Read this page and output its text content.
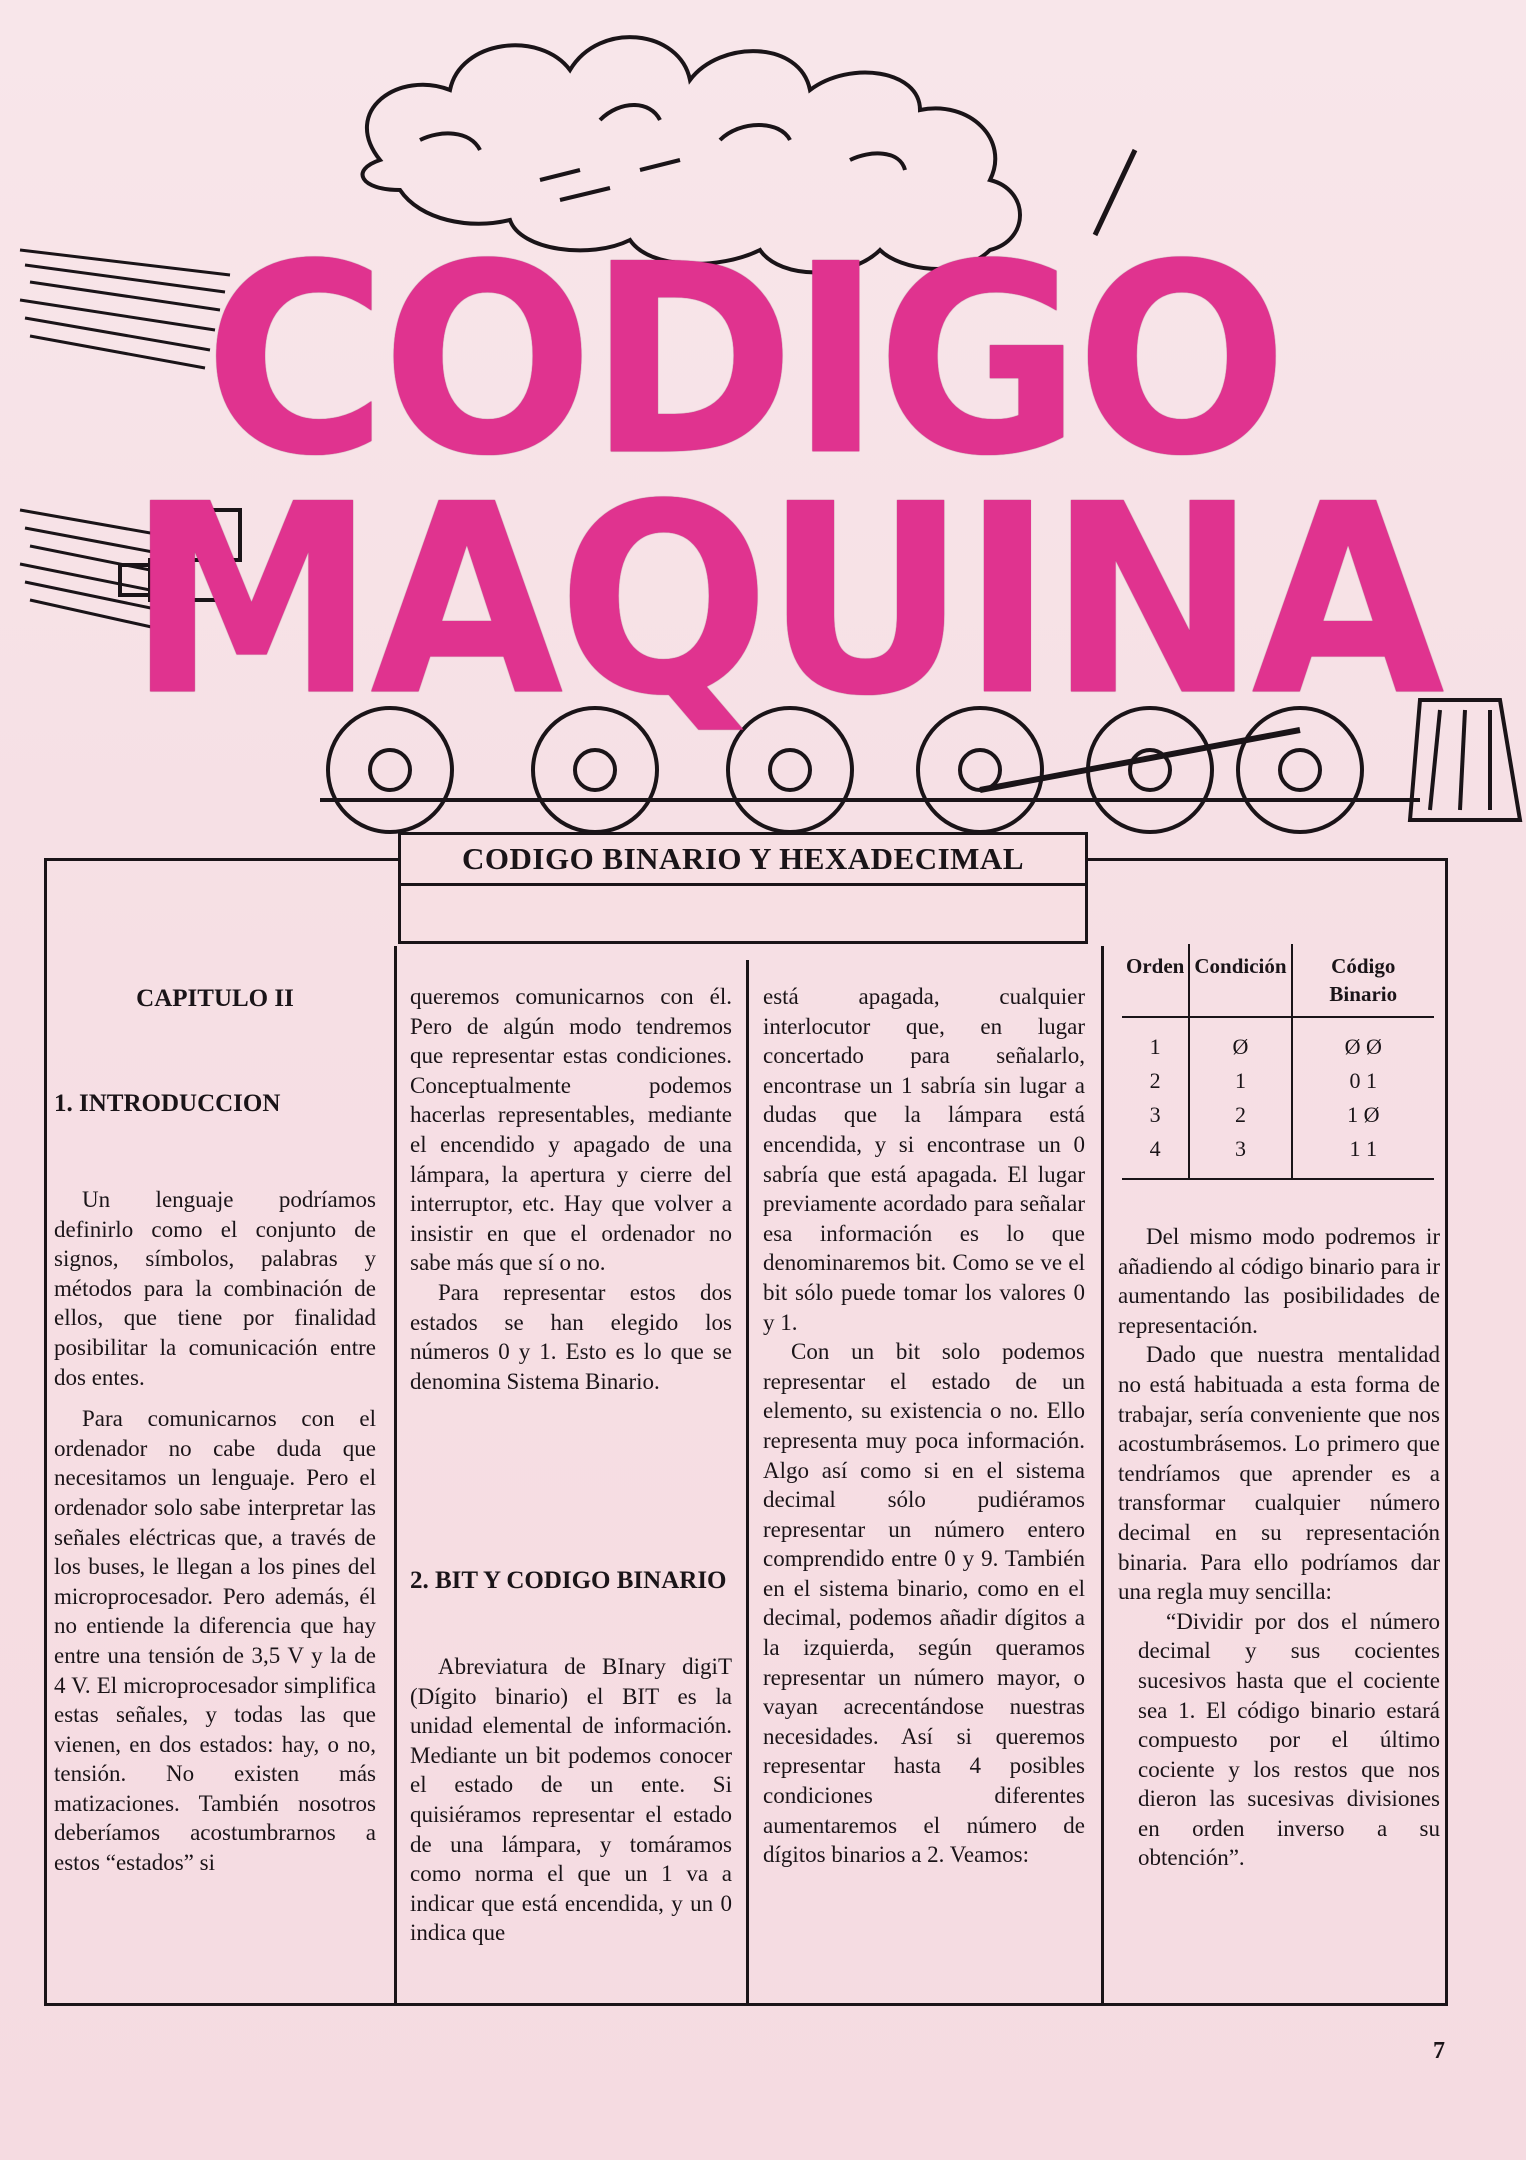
CODIGO
MAQUINA
CODIGO BINARIO Y HEXADECIMAL
CAPITULO II
1. INTRODUCCION

Un lenguaje podríamos definirlo como el conjunto de signos, símbolos, palabras y métodos para la combinación de ellos, que tiene por finalidad posibilitar la comunicación entre dos entes.

Para comunicarnos con el ordenador no cabe duda que necesitamos un lenguaje. Pero el ordenador solo sabe interpretar las señales eléctricas que, a través de los buses, le llegan a los pines del microprocesador. Pero además, él no entiende la diferencia que hay entre una tensión de 3,5 V y la de 4 V. El microprocesador simplifica estas señales, y todas las que vienen, en dos estados: hay, o no, tensión. No existen más matizaciones. También nosotros deberíamos acostumbrarnos a estos “estados” si

queremos comunicarnos con él. Pero de algún modo tendremos que representar estas condiciones. Conceptualmente podemos hacerlas representables, mediante el encendido y apagado de una lámpara, la apertura y cierre del interruptor, etc. Hay que volver a insistir en que el ordenador no sabe más que sí o no.

Para representar estos dos estados se han elegido los números 0 y 1. Esto es lo que se denomina Sistema Binario.

2. BIT Y CODIGO BINARIO

Abreviatura de BInary digiT (Dígito binario) el BIT es la unidad elemental de información. Mediante un bit podemos conocer el estado de un ente. Si quisiéramos representar el estado de una lámpara, y tomáramos como norma el que un 1 va a indicar que está encendida, y un 0 indica que

está apagada, cualquier interlocutor que, en lugar concertado para señalarlo, encontrase un 1 sabría sin lugar a dudas que la lámpara está encendida, y si encontrase un 0 sabría que está apagada. El lugar previamente acordado para señalar esa información es lo que denominaremos bit. Como se ve el bit sólo puede tomar los valores 0 y 1.

Con un bit solo podemos representar el estado de un elemento, su existencia o no. Ello representa muy poca información. Algo así como si en el sistema decimal sólo pudiéramos representar un número entero comprendido entre 0 y 9. También en el sistema binario, como en el decimal, podemos añadir dígitos a la izquierda, según queramos representar un número mayor, o vayan acrecentándose nuestras necesidades. Así si queremos representar hasta 4 posibles condiciones diferentes aumentaremos el número de dígitos binarios a 2. Veamos:

Orden	Condición	Código Binario
1	Ø	Ø Ø
2	1	0 1
3	2	1 Ø
4	3	1 1

Del mismo modo podremos ir añadiendo al código binario para ir aumentando las posibilidades de representación.

Dado que nuestra mentalidad no está habituada a esta forma de trabajar, sería conveniente que nos acostumbrásemos. Lo primero que tendríamos que aprender es a transformar cualquier número decimal en su representación binaria. Para ello podríamos dar una regla muy sencilla:

“Dividir por dos el número decimal y sus cocientes sucesivos hasta que el cociente sea 1. El código binario estará compuesto por el último cociente y los restos que nos dieron las sucesivas divisiones en orden inverso a su obtención”.

7
